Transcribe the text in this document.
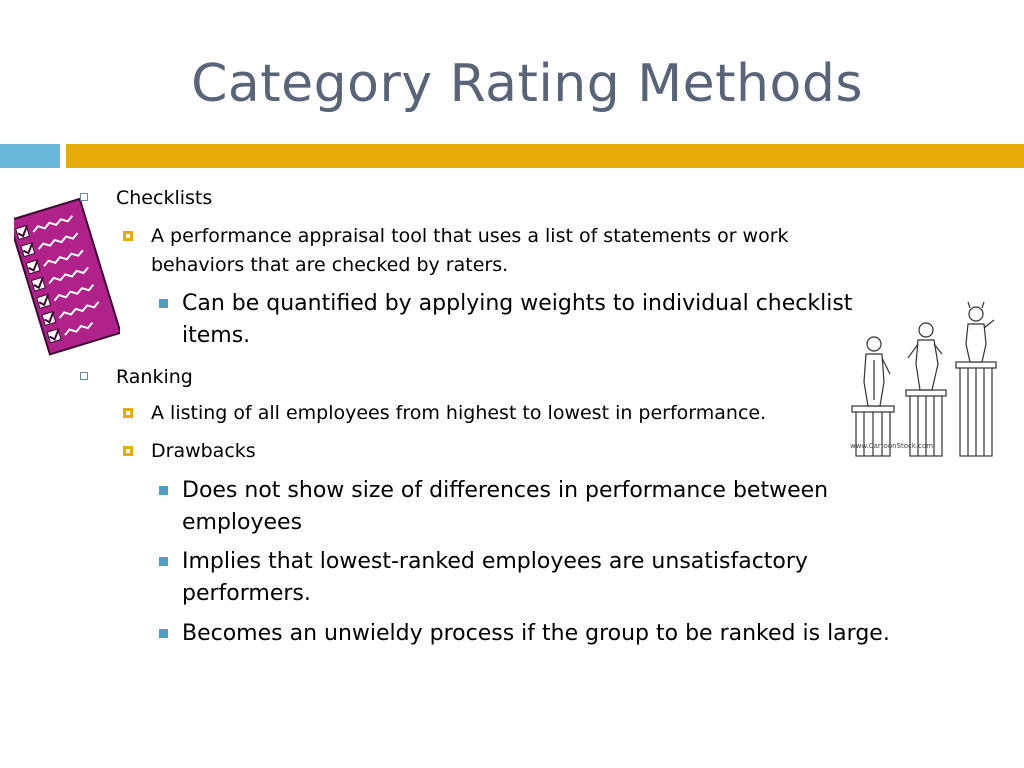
Category Rating Methods
www.CartoonStock.com
Checklists
A performance appraisal tool that uses a list of statements or work behaviors that are checked by raters.
Can be quantified by applying weights to individual checklist items.
Ranking
A listing of all employees from highest to lowest in performance.
Drawbacks
Does not show size of differences in performance between employees
Implies that lowest-ranked employees are unsatisfactory performers.
Becomes an unwieldy process if the group to be ranked is large.
